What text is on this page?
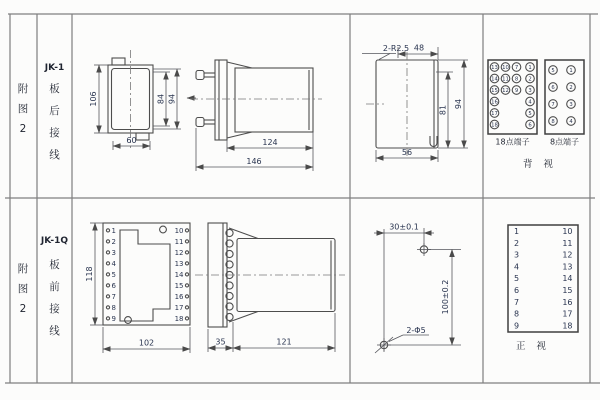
附
图
2
JK-1
板
后
接
线
106	84 94
60	124
146
2-R2.5 48
81
94
56
13 10 7 1
14 11 8 2
15 12 9 3
16	4
17	5
18	6
18点端子
5	1
6	2
7	3
8	4
8点端子
背 视
附
图
2
JK-1Q
板
前
接
线
1
2
3
4
5
6
7
8
9
10
11
12
13
14
15
16
17
18
118
102	35	121
30±0.1
100±0.2
2-Φ5
1	10
2	11
3	12
4	13
5	14
6	15
7	16
8	17
9	18
正 视
